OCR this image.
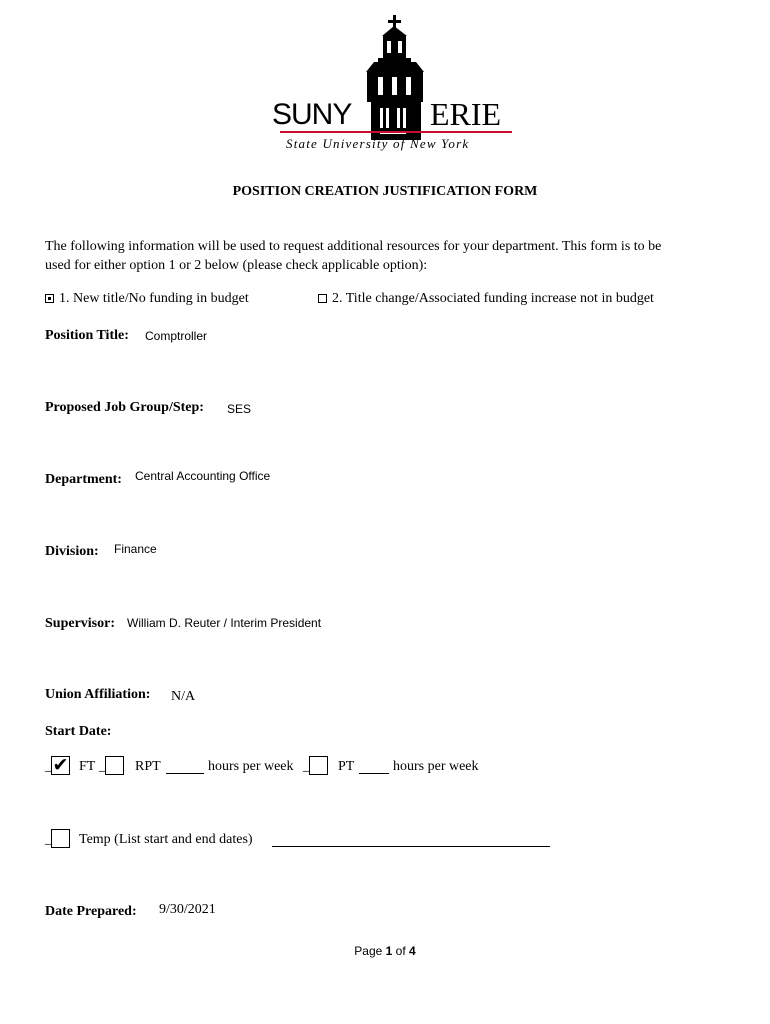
SUNY ERIE
State University of New York
POSITION CREATION JUSTIFICATION FORM
The following information will be used to request additional resources for your department. This form is to be
used for either option 1 or 2 below (please check applicable option):
1. New title/No funding in budget	2. Title change/Associated funding increase not in budget
Position Title: Comptroller
Proposed Job Group/Step: SES
Department: Central Accounting Office
Division: Finance
Supervisor: William D. Reuter / Interim President
Union Affiliation: N/A
Start Date:
_ ✔ FT _ RPT	hours per week _ PT	hours per week
_ Temp (List start and end dates)
Date Prepared: 9/30/2021
Page 1 of 4
